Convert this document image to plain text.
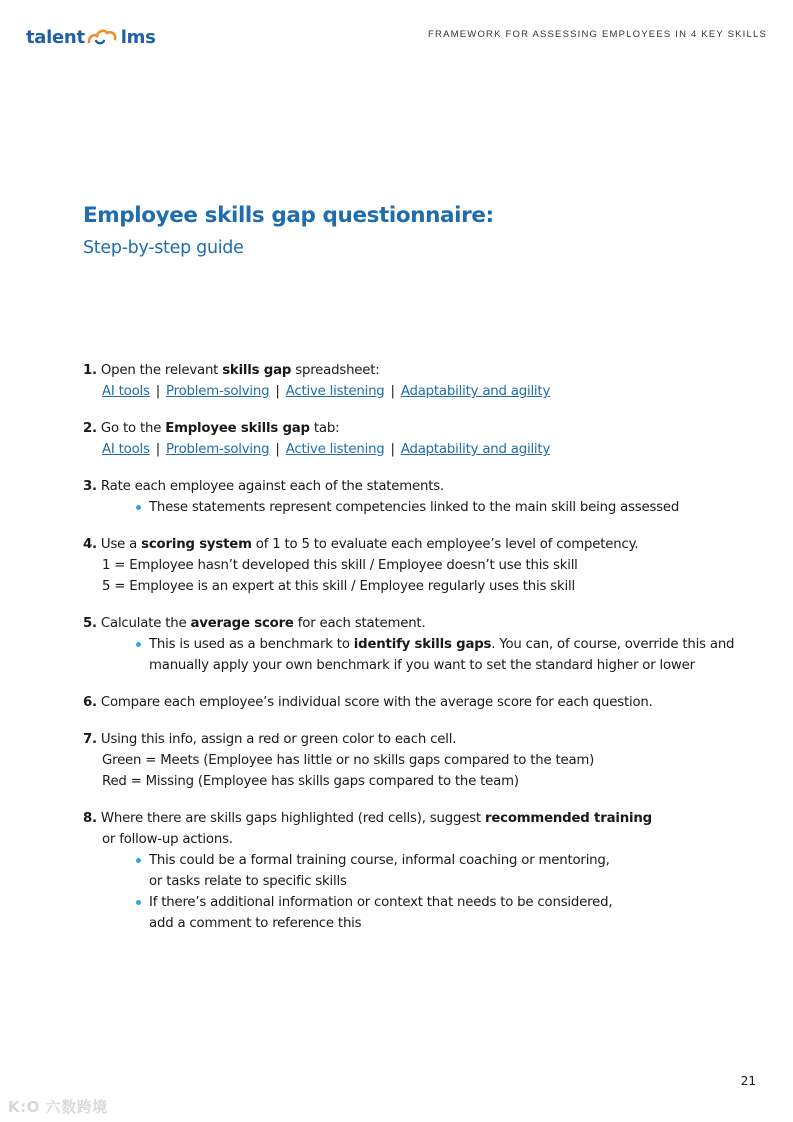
talent lms	FRAMEWORK FOR ASSESSING EMPLOYEES IN 4 KEY SKILLS
Employee skills gap questionnaire:
Step-by-step guide
1. Open the relevant skills gap spreadsheet:
AI tools | Problem-solving | Active listening | Adaptability and agility
2. Go to the Employee skills gap tab:
AI tools | Problem-solving | Active listening | Adaptability and agility
3. Rate each employee against each of the statements.
These statements represent competencies linked to the main skill being assessed
4. Use a scoring system of 1 to 5 to evaluate each employee’s level of competency.
1 = Employee hasn’t developed this skill / Employee doesn’t use this skill
5 = Employee is an expert at this skill / Employee regularly uses this skill
5. Calculate the average score for each statement.
This is used as a benchmark to identify skills gaps. You can, of course, override this and
manually apply your own benchmark if you want to set the standard higher or lower
6. Compare each employee’s individual score with the average score for each question.
7. Using this info, assign a red or green color to each cell.
Green = Meets (Employee has little or no skills gaps compared to the team)
Red = Missing (Employee has skills gaps compared to the team)
8. Where there are skills gaps highlighted (red cells), suggest recommended training
or follow-up actions.
This could be a formal training course, informal coaching or mentoring,
or tasks relate to specific skills
If there’s additional information or context that needs to be considered,
add a comment to reference this
21
K:O 六数跨境
